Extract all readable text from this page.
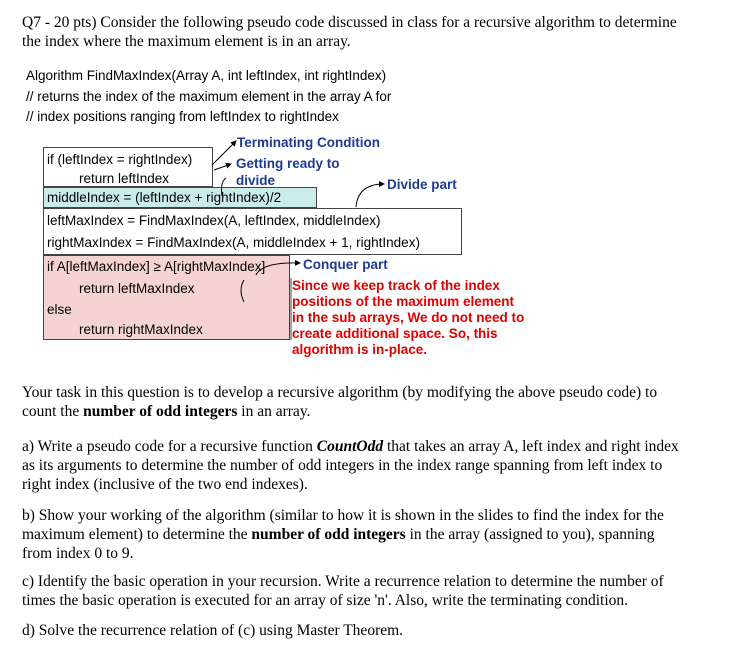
Q7 - 20 pts) Consider the following pseudo code discussed in class for a recursive algorithm to determine
the index where the maximum element is in an array.
Algorithm FindMaxIndex(Array A, int leftIndex, int rightIndex)
// returns the index of the maximum element in the array A for
// index positions ranging from leftIndex to rightIndex
if (leftIndex = rightIndex)
return leftIndex
middleIndex = (leftIndex + rightIndex)/2
leftMaxIndex = FindMaxIndex(A, leftIndex, middleIndex)
rightMaxIndex = FindMaxIndex(A, middleIndex + 1, rightIndex)
if A[leftMaxIndex] ≥ A[rightMaxIndex]
return leftMaxIndex
else
return rightMaxIndex
Terminating Condition
Getting ready to
divide	Divide part
Conquer part
Since we keep track of the index
positions of the maximum element
in the sub arrays, We do not need to
create additional space. So, this
algorithm is in-place.
Your task in this question is to develop a recursive algorithm (by modifying the above pseudo code) to
count the number of odd integers in an array.
a) Write a pseudo code for a recursive function CountOdd that takes an array A, left index and right index
as its arguments to determine the number of odd integers in the index range spanning from left index to
right index (inclusive of the two end indexes).
b) Show your working of the algorithm (similar to how it is shown in the slides to find the index for the
maximum element) to determine the number of odd integers in the array (assigned to you), spanning
from index 0 to 9.
c) Identify the basic operation in your recursion. Write a recurrence relation to determine the number of
times the basic operation is executed for an array of size 'n'. Also, write the terminating condition.
d) Solve the recurrence relation of (c) using Master Theorem.
